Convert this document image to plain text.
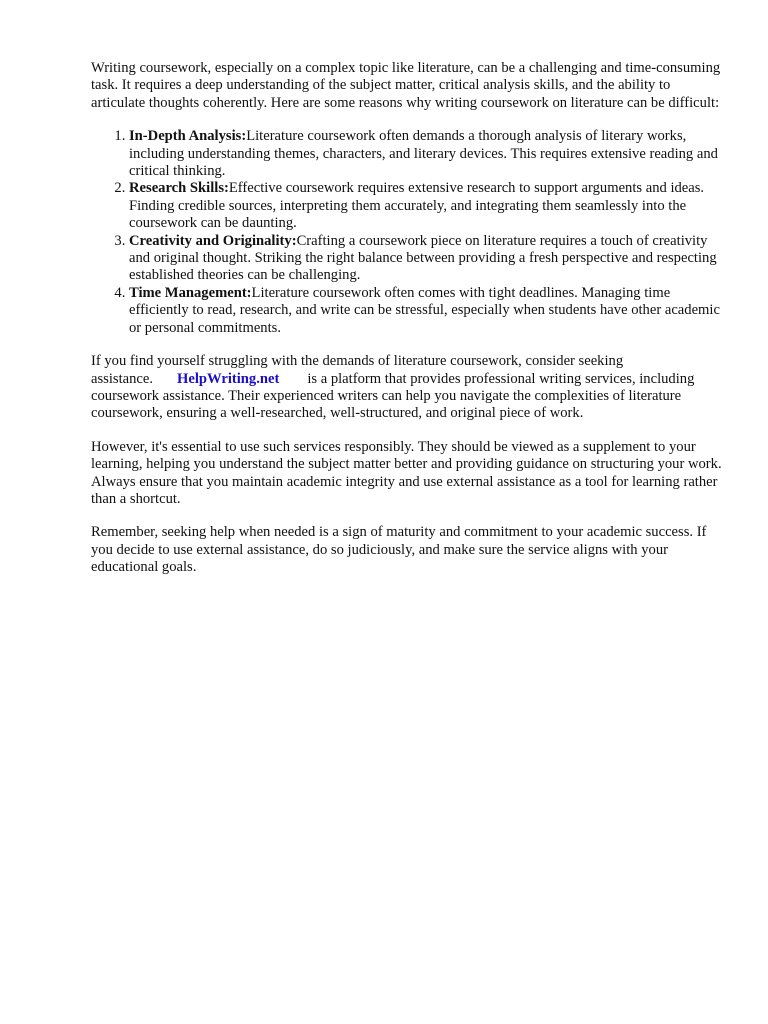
Writing coursework, especially on a complex topic like literature, can be a challenging and time-consuming task. It requires a deep understanding of the subject matter, critical analysis skills, and the ability to articulate thoughts coherently. Here are some reasons why writing coursework on literature can be difficult:

1. In-Depth Analysis:Literature coursework often demands a thorough analysis of literary works, including understanding themes, characters, and literary devices. This requires extensive reading and critical thinking.
2. Research Skills:Effective coursework requires extensive research to support arguments and ideas. Finding credible sources, interpreting them accurately, and integrating them seamlessly into the coursework can be daunting.
3. Creativity and Originality:Crafting a coursework piece on literature requires a touch of creativity and original thought. Striking the right balance between providing a fresh perspective and respecting established theories can be challenging.
4. Time Management:Literature coursework often comes with tight deadlines. Managing time efficiently to read, research, and write can be stressful, especially when students have other academic or personal commitments.

If you find yourself struggling with the demands of literature coursework, consider seeking assistance. HelpWriting.net is a platform that provides professional writing services, including coursework assistance. Their experienced writers can help you navigate the complexities of literature coursework, ensuring a well-researched, well-structured, and original piece of work.

However, it's essential to use such services responsibly. They should be viewed as a supplement to your learning, helping you understand the subject matter better and providing guidance on structuring your work. Always ensure that you maintain academic integrity and use external assistance as a tool for learning rather than a shortcut.

Remember, seeking help when needed is a sign of maturity and commitment to your academic success. If you decide to use external assistance, do so judiciously, and make sure the service aligns with your educational goals.
